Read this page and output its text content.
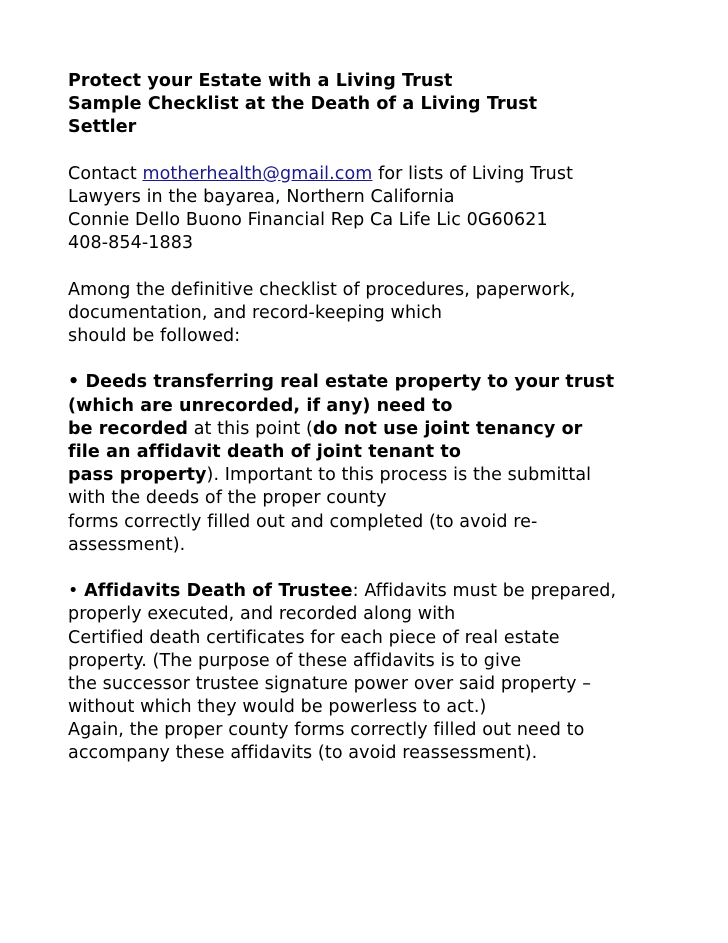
Protect your Estate with a Living Trust
Sample Checklist at the Death of a Living Trust
Settler
Contact motherhealth@gmail.com for lists of Living Trust
Lawyers in the bayarea, Northern California
Connie Dello Buono Financial Rep Ca Life Lic 0G60621
408-854-1883
Among the definitive checklist of procedures, paperwork,
documentation, and record-keeping which
should be followed:
• Deeds transferring real estate property to your trust
(which are unrecorded, if any) need to
be recorded at this point (do not use joint tenancy or
file an affidavit death of joint tenant to
pass property). Important to this process is the submittal
with the deeds of the proper county
forms correctly filled out and completed (to avoid re-
assessment).
• Affidavits Death of Trustee: Affidavits must be prepared,
properly executed, and recorded along with
Certified death certificates for each piece of real estate
property. (The purpose of these affidavits is to give
the successor trustee signature power over said property –
without which they would be powerless to act.)
Again, the proper county forms correctly filled out need to
accompany these affidavits (to avoid reassessment).
